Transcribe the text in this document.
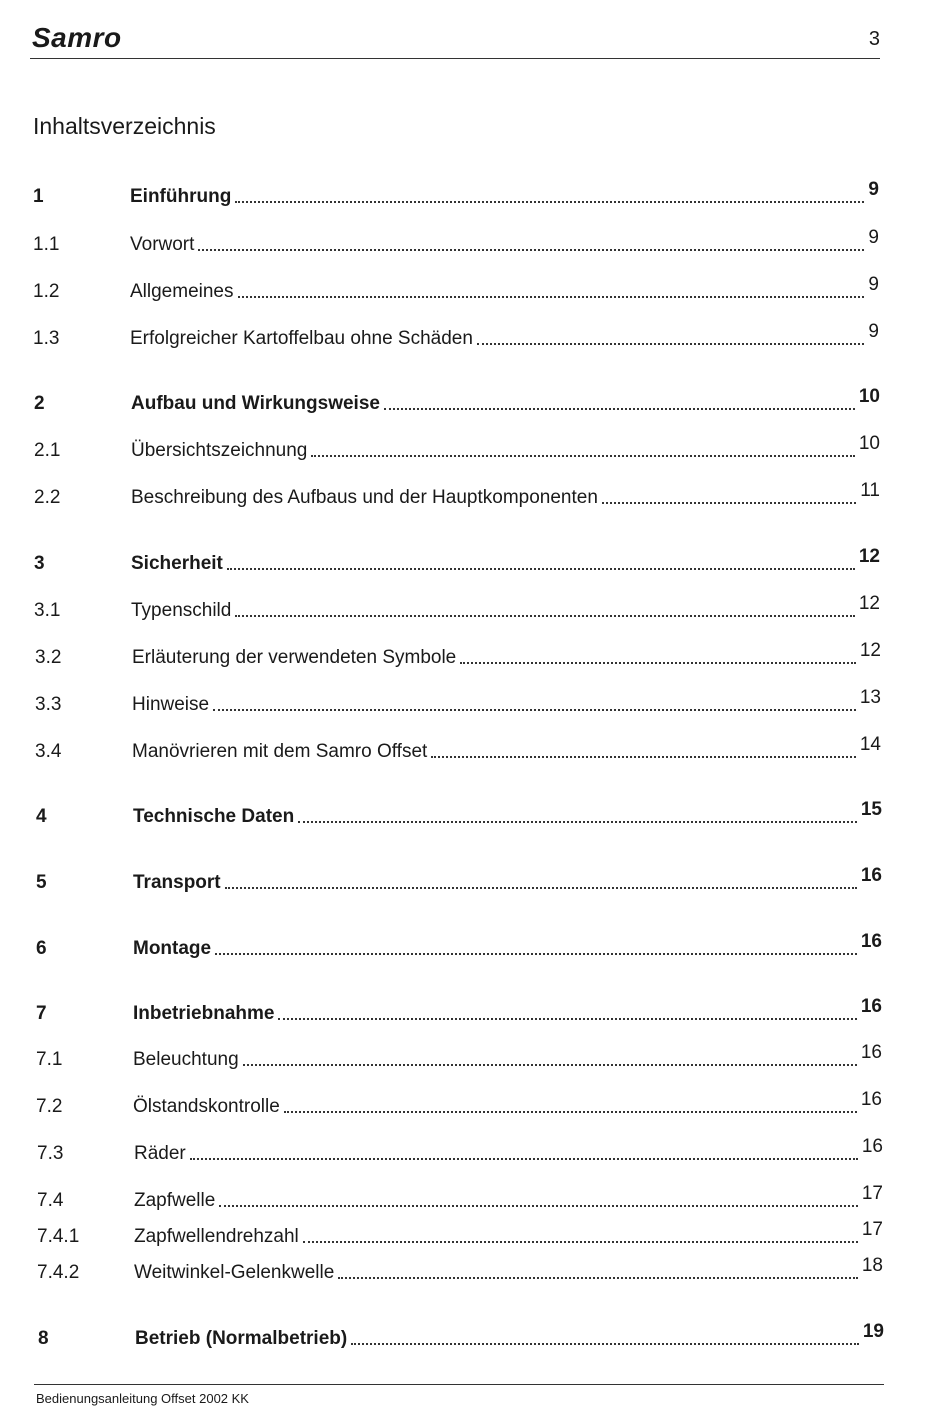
Samro	3
Inhaltsverzeichnis
1	Einführung	9
1.1	Vorwort	9
1.2	Allgemeines	9
1.3	Erfolgreicher Kartoffelbau ohne Schäden	9
2	Aufbau und Wirkungsweise	10
2.1	Übersichtszeichnung	10
2.2	Beschreibung des Aufbaus und der Hauptkomponenten	11
3	Sicherheit	12
3.1	Typenschild	12
3.2	Erläuterung der verwendeten Symbole	12
3.3	Hinweise	13
3.4	Manövrieren mit dem Samro Offset	14
4	Technische Daten	15
5	Transport	16
6	Montage	16
7	Inbetriebnahme	16
7.1	Beleuchtung	16
7.2	Ölstandskontrolle	16
7.3	Räder	16
7.4	Zapfwelle	17
7.4.1	Zapfwellendrehzahl	17
7.4.2	Weitwinkel-Gelenkwelle	18
8	Betrieb (Normalbetrieb)	19
Bedienungsanleitung Offset 2002 KK
